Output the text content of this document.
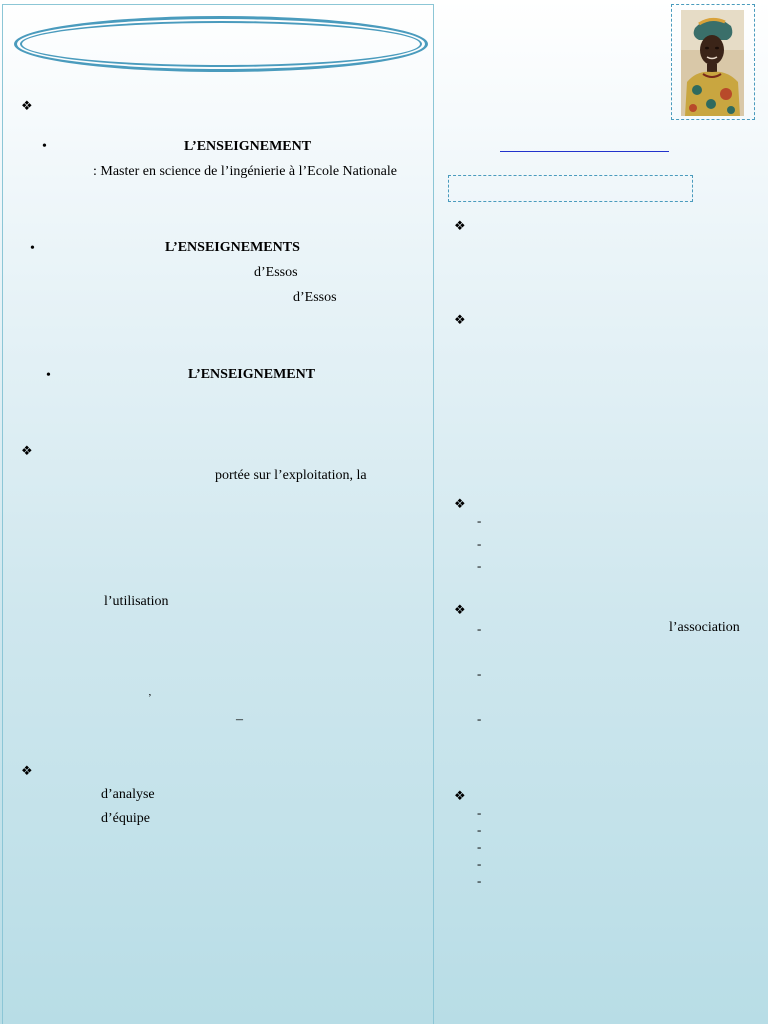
❖
•	L’ENSEIGNEMENT
: Master en science de l’ingénierie à l’Ecole Nationale
•	L’ENSEIGNEMENTS
d’Essos
d’Essos
•	L’ENSEIGNEMENT
❖
portée sur l’exploitation, la
l’utilisation
’
–
❖
d’analyse
d’équipe
❖
❖
❖
-
-
-
❖
-	l’association
-
-
❖
-
-
-
-
-
